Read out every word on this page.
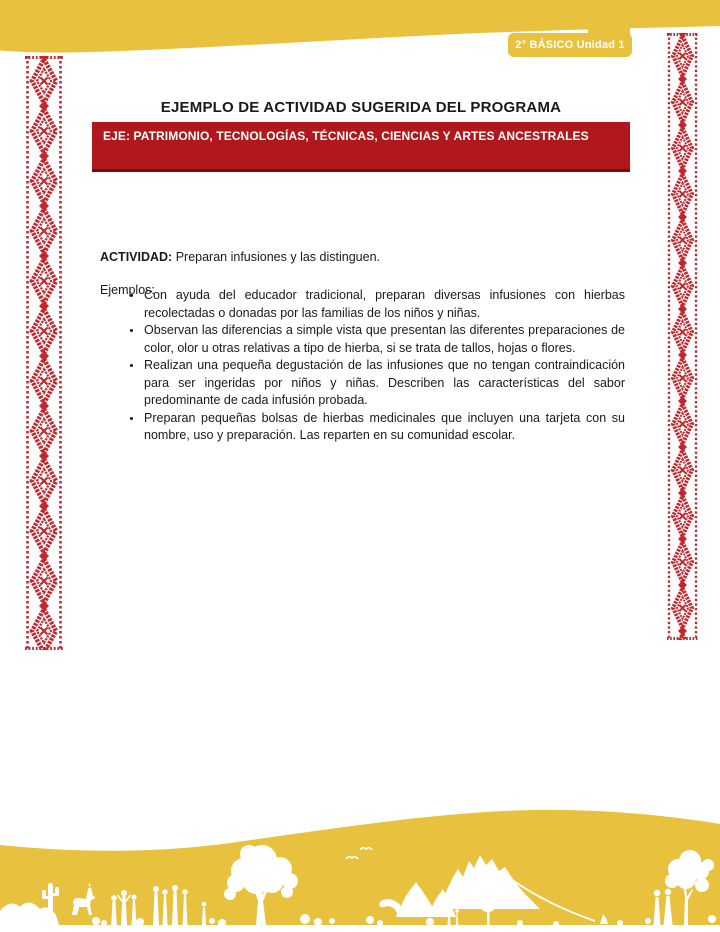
2° BÁSICO Unidad 1
EJEMPLO DE ACTIVIDAD SUGERIDA DEL PROGRAMA
EJE: PATRIMONIO, TECNOLOGÍAS, TÉCNICAS, CIENCIAS Y ARTES ANCESTRALES

ACTIVIDAD: Preparan infusiones y las distinguen.

Ejemplos:

• Con ayuda del educador tradicional, preparan diversas infusiones con hierbas recolectadas o donadas por las familias de los niños y niñas.
• Observan las diferencias a simple vista que presentan las diferentes preparaciones de color, olor u otras relativas a tipo de hierba, si se trata de tallos, hojas o flores.
• Realizan una pequeña degustación de las infusiones que no tengan contraindicación para ser ingeridas por niños y niñas. Describen las características del sabor predominante de cada infusión probada.
• Preparan pequeñas bolsas de hierbas medicinales que incluyen una tarjeta con su nombre, uso y preparación. Las reparten en su comunidad escolar.
